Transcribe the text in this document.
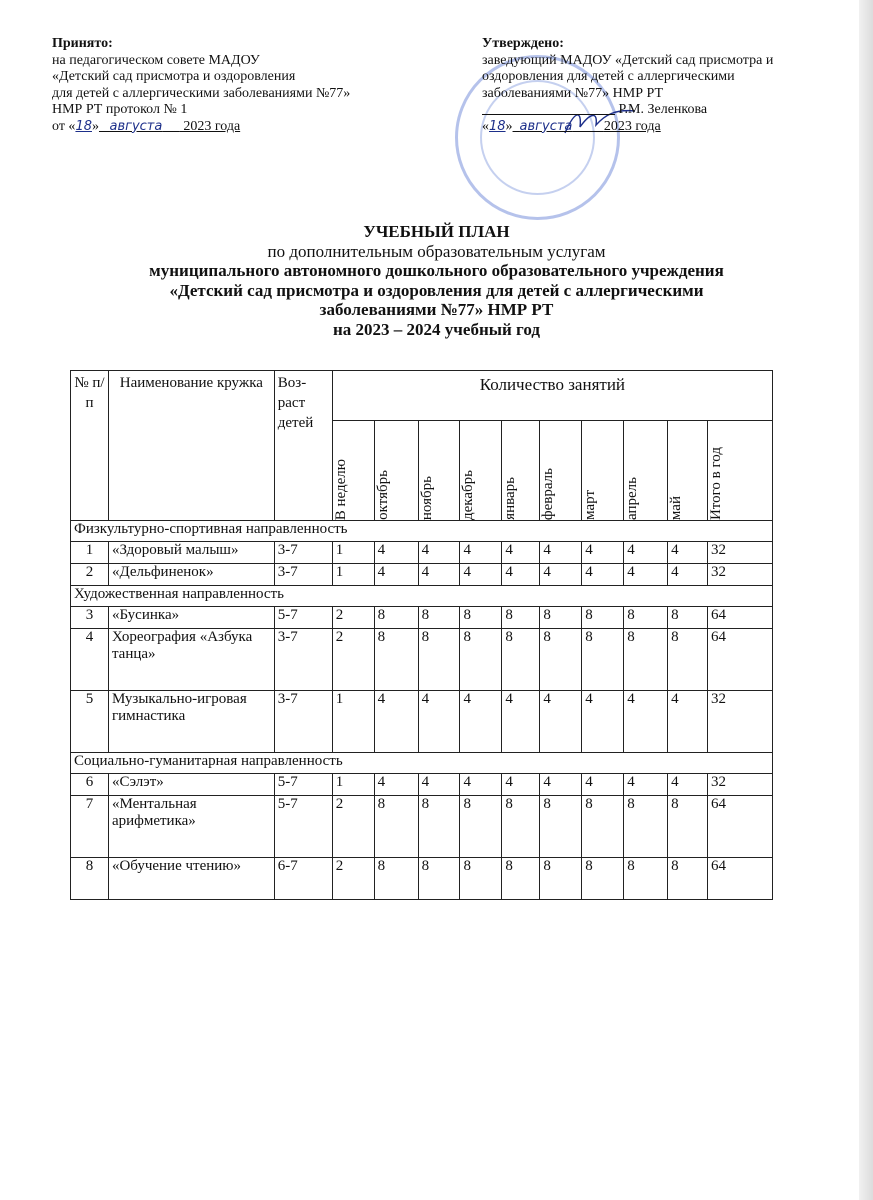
Принято:
на педагогическом совете МАДОУ
«Детский сад присмотра и оздоровления
для детей с аллергическими заболеваниями №77»
НМР РТ протокол № 1
от «18» августа      2023 года
Утверждено:
заведующий МАДОУ «Детский сад присмотра и
оздоровления для детей с аллергическими
заболеваниями №77» НМР РТ
Р.М. Зеленкова
«18» августа 2023 года
УЧЕБНЫЙ ПЛАН
по дополнительным образовательным услугам
муниципального автономного дошкольного образовательного учреждения
«Детский сад присмотра и оздоровления для детей с аллергическими
заболеваниями №77» НМР РТ
на 2023 – 2024 учебный год
№ п/п	Наименование кружка	Воз-раст детей	Количество занятий									

			В неделю	октябрь	ноябрь	декабрь	январь	февраль	март	апрель	май	Итого в год

Физкультурно-спортивная направленность												
1	«Здоровый малыш»	3-7	1	4	4	4	4	4	4	4	4	32
2	«Дельфиненок»	3-7	1	4	4	4	4	4	4	4	4	32
Художественная направленность												
3	«Бусинка»	5-7	2	8	8	8	8	8	8	8	8	64
4	Хореография «Азбука танца»	3-7	2	8	8	8	8	8	8	8	8	64
5	Музыкально-игровая гимнастика	3-7	1	4	4	4	4	4	4	4	4	32
Социально-гуманитарная направленность												
6	«Сэлэт»	5-7	1	4	4	4	4	4	4	4	4	32
7	«Ментальная арифметика»	5-7	2	8	8	8	8	8	8	8	8	64
8	«Обучение чтению»	6-7	2	8	8	8	8	8	8	8	8	64
